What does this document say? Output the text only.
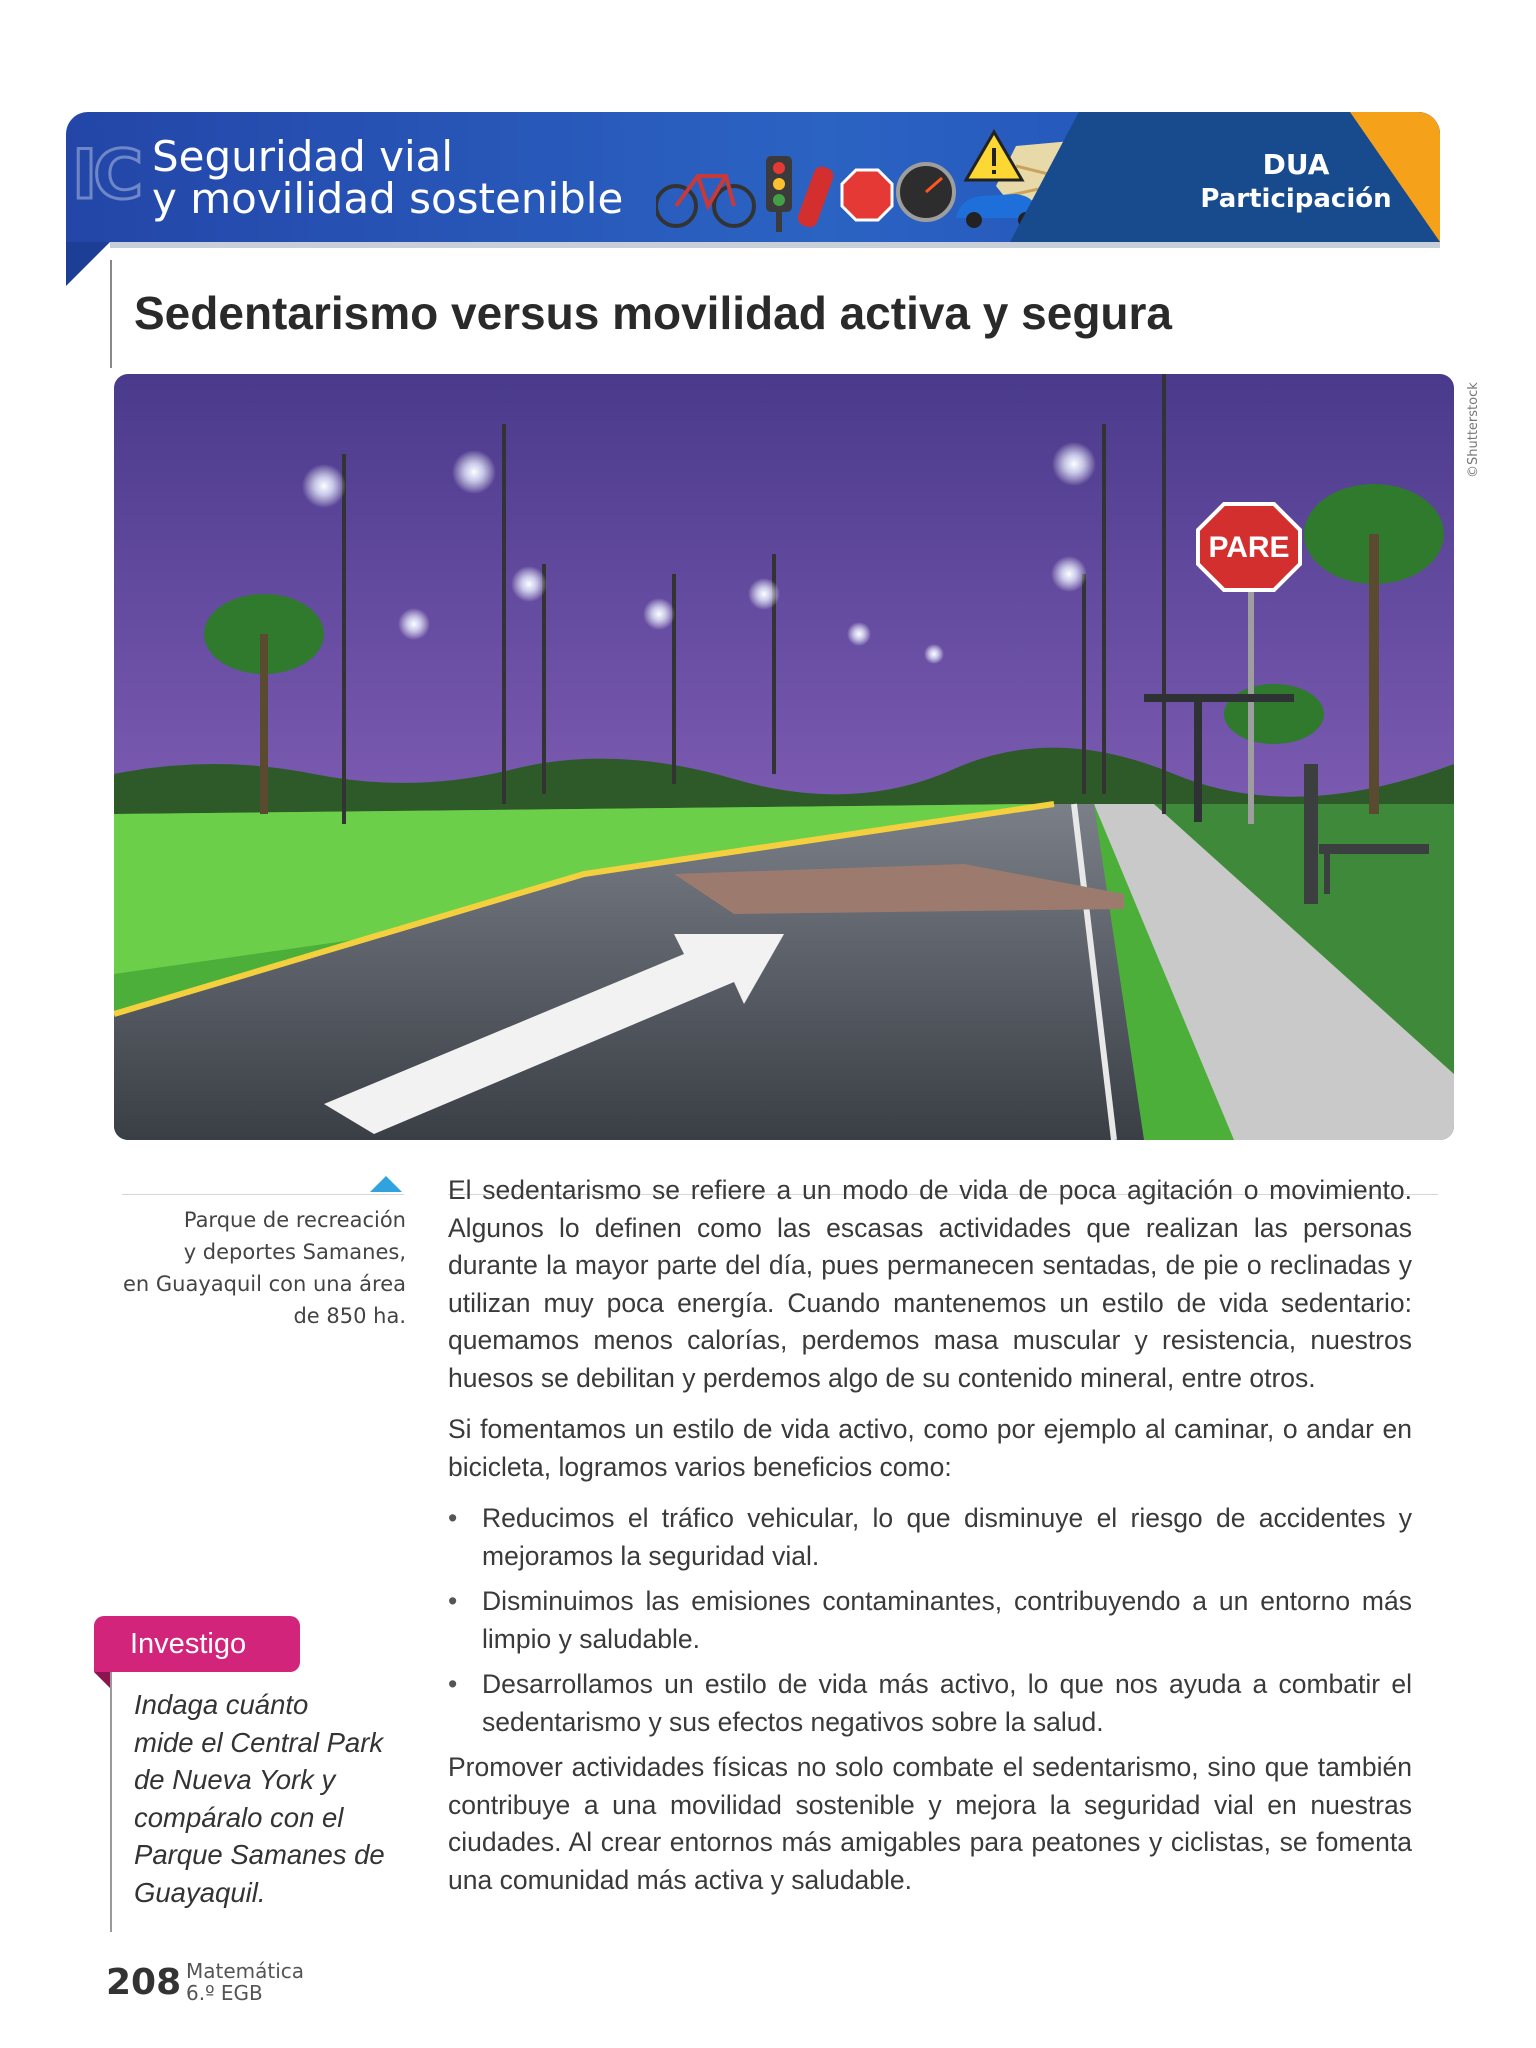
IC Seguridad vial
y movilidad sostenible
DUA
Participación
Sedentarismo versus movilidad activa y segura
PARE
©Shutterstock
Parque de recreación
y deportes Samanes,
en Guayaquil con una área
de 850 ha.

El sedentarismo se refiere a un modo de vida de poca agitación o movimiento. Algunos lo definen como las escasas actividades que realizan las personas durante la mayor parte del día, pues permanecen sentadas, de pie o reclinadas y utilizan muy poca energía. Cuando mantenemos un estilo de vida sedentario: quemamos menos calorías, perdemos masa muscular y resistencia, nuestros huesos se debilitan y perdemos algo de su contenido mineral, entre otros.

Si fomentamos un estilo de vida activo, como por ejemplo al caminar, o andar en bicicleta, logramos varios beneficios como:

• Reducimos el tráfico vehicular, lo que disminuye el riesgo de accidentes y mejoramos la seguridad vial.
• Disminuimos las emisiones contaminantes, contribuyendo a un entorno más limpio y saludable.
• Desarrollamos un estilo de vida más activo, lo que nos ayuda a combatir el sedentarismo y sus efectos negativos sobre la salud.

Promover actividades físicas no solo combate el sedentarismo, sino que también contribuye a una movilidad sostenible y mejora la seguridad vial en nuestras ciudades. Al crear entornos más amigables para peatones y ciclistas, se fomenta una comunidad más activa y saludable.

Investigo
Indaga cuánto
mide el Central Park
de Nueva York y
compáralo con el
Parque Samanes de
Guayaquil.
208 Matemática
6.º EGB
